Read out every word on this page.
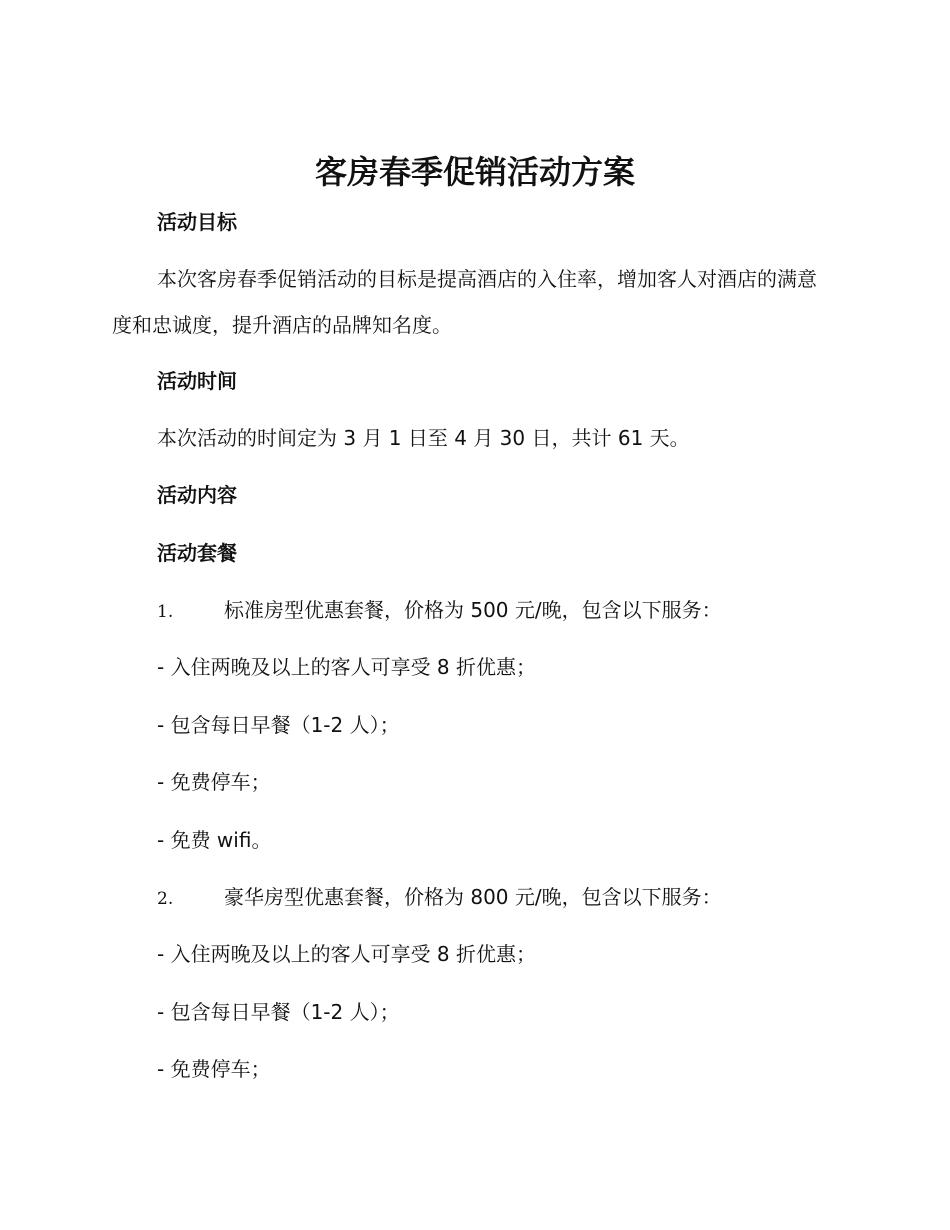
客房春季促销活动方案

活动目标

本次客房春季促销活动的目标是提高酒店的入住率，增加客人对酒店的满意度和忠诚度，提升酒店的品牌知名度。

活动时间

本次活动的时间定为 3 月 1 日至 4 月 30 日，共计 61 天。

活动内容

活动套餐

1.	标准房型优惠套餐，价格为 500 元/晚，包含以下服务：

- 入住两晚及以上的客人可享受 8 折优惠；

- 包含每日早餐（1-2 人）；

- 免费停车；

- 免费 wifi。

2.	豪华房型优惠套餐，价格为 800 元/晚，包含以下服务：

- 入住两晚及以上的客人可享受 8 折优惠；

- 包含每日早餐（1-2 人）；

- 免费停车；
